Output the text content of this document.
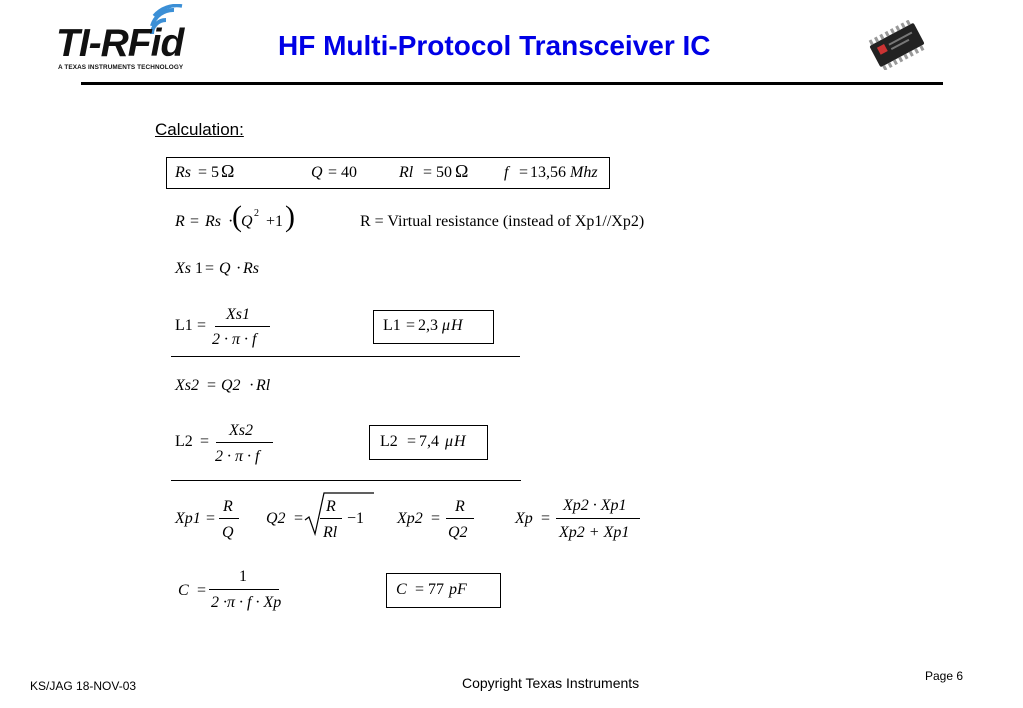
TI-RFid
A TEXAS INSTRUMENTS TECHNOLOGY
HF Multi-Protocol Transceiver IC
Calculation:
Rs = 5 Ω	Q = 40	Rl = 50 Ω f = 13,56 Mhz
R = Rs ·
( Q 2 +1 )	R = Virtual resistance (instead of Xp1//Xp2)
Xs 1 = Q · Rs
L1 =
Xs1
2 · π · f
L1 = 2,3 μ H
Xs2 = Q2 · Rl
L2 =
Xs2
2 · π · f
L2 = 7,4 μ H
Xp1 =
R
Q
Q2 =
R
Rl
−1 Xp2 =
R
Q2
Xp =
Xp2 · Xp1
Xp2 + Xp1
C =
1
2 ·π · f · Xp
C = 77 pF
KS/JAG 18-NOV-03	Copyright Texas Instruments	Page 6
